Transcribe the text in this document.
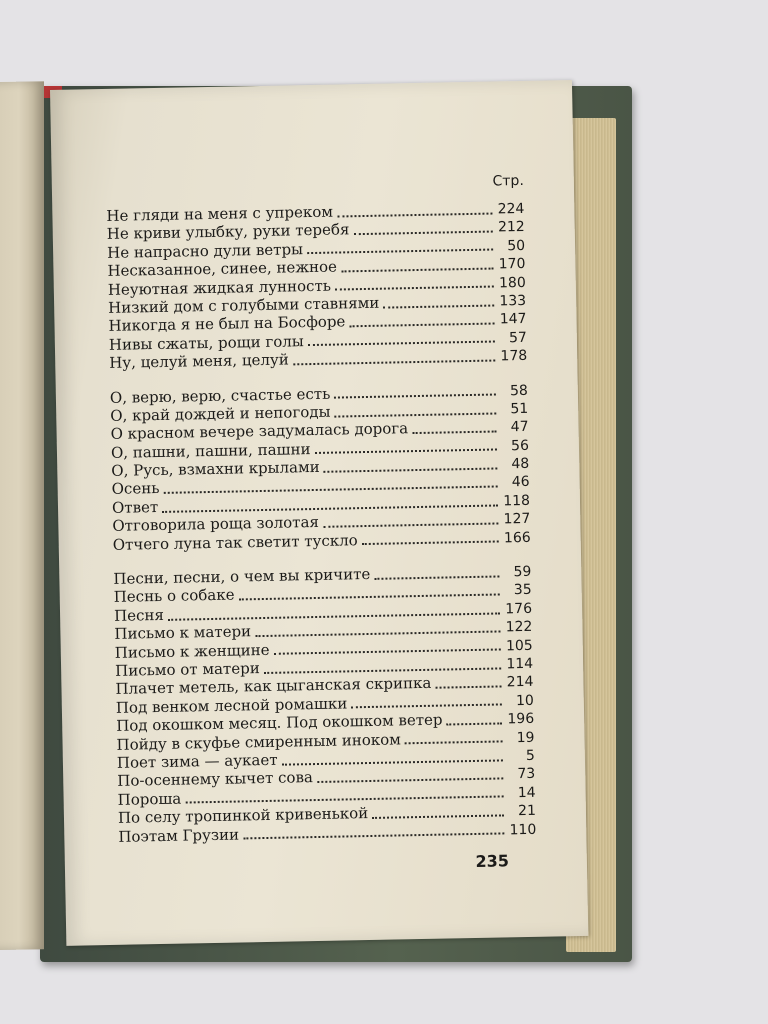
Стр.
Не гляди на меня с упреком	224
Не криви улыбку, руки теребя	212
Не напрасно дули ветры	50
Несказанное, синее, нежное	170
Неуютная жидкая лунность	180
Низкий дом с голубыми ставнями	133
Никогда я не был на Босфоре	147
Нивы сжаты, рощи голы	57
Ну, целуй меня, целуй	178
О, верю, верю, счастье есть	58
О, край дождей и непогоды	51
О красном вечере задумалась дорога	47
О, пашни, пашни, пашни	56
О, Русь, взмахни крылами	48
Осень	46
Ответ	118
Отговорила роща золотая	127
Отчего луна так светит тускло	166
Песни, песни, о чем вы кричите	59
Песнь о собаке	35
Песня	176
Письмо к матери	122
Письмо к женщине	105
Письмо от матери	114
Плачет метель, как цыганская скрипка	214
Под венком лесной ромашки	10
Под окошком месяц. Под окошком ветер	196
Пойду в скуфье смиренным иноком	19
Поет зима — аукает	5
По-осеннему кычет сова	73
Пороша	14
По селу тропинкой кривенькой	21
Поэтам Грузии	110
235
